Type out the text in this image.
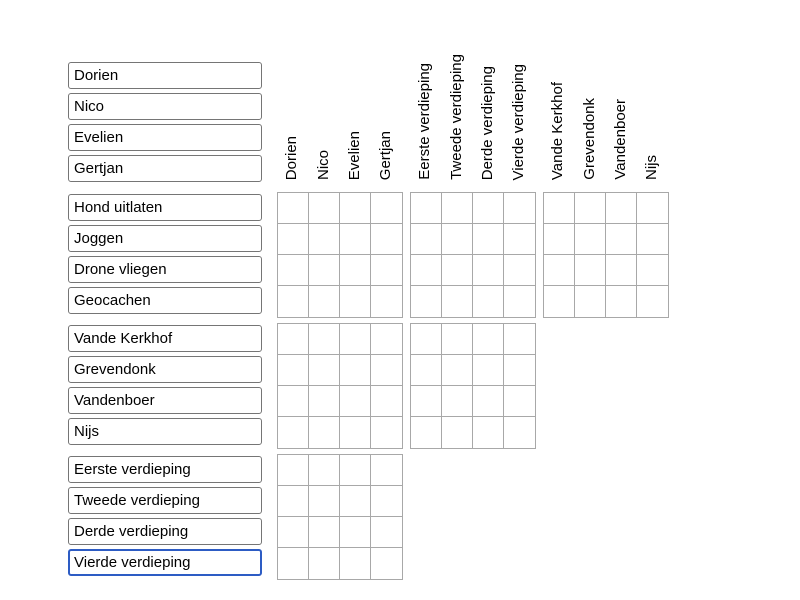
Dorien Nico Evelien Gertjan Eerste verdieping Tweede verdieping Derde verdieping Vierde verdieping Vande Kerkhof Grevendonk Vandenboer Nijs
Dorien
Nico
Evelien
Gertjan
Hond uitlaten
Joggen
Drone vliegen
Geocachen
Vande Kerkhof
Grevendonk
Vandenboer
Nijs
Eerste verdieping
Tweede verdieping
Derde verdieping
Vierde verdieping
